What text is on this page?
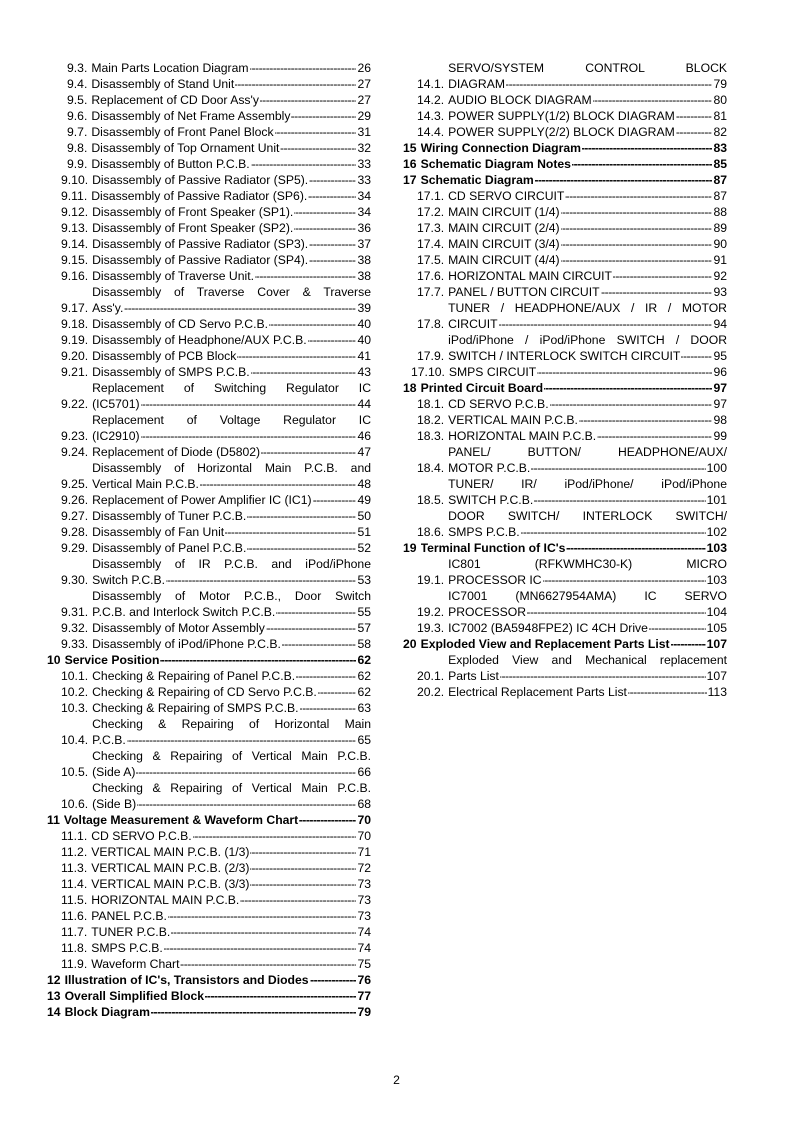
9.3. Main Parts Location Diagram -----	26
9.4. Disassembly of Stand Unit -----	27
9.5. Replacement of CD Door Ass'y -----	27
9.6. Disassembly of Net Frame Assembly -----	29
9.7. Disassembly of Front Panel Block -----	31
9.8. Disassembly of Top Ornament Unit -----	32
9.9. Disassembly of Button P.C.B. -----	33
9.10. Disassembly of Passive Radiator (SP5). -----	33
9.11. Disassembly of Passive Radiator (SP6). -----	34
9.12. Disassembly of Front Speaker (SP1). -----	34
9.13. Disassembly of Front Speaker (SP2). -----	36
9.14. Disassembly of Passive Radiator (SP3). -----	37
9.15. Disassembly of Passive Radiator (SP4). -----	38
9.16. Disassembly of Traverse Unit. -----	38
9.17.
Disassembly of Traverse Cover & Traverse
Ass'y. -----	39
9.18. Disassembly of CD Servo P.C.B. -----	40
9.19. Disassembly of Headphone/AUX P.C.B. -----	40
9.20. Disassembly of PCB Block -----	41
9.21. Disassembly of SMPS P.C.B. -----	43
9.22.
Replacement of Switching Regulator IC
(IC5701) -----	44
9.23.
Replacement of Voltage Regulator IC
(IC2910) -----	46
9.24. Replacement of Diode (D5802) -----	47
9.25.
Disassembly of Horizontal Main P.C.B. and
Vertical Main P.C.B. -----	48
9.26. Replacement of Power Amplifier IC (IC1) -----	49
9.27. Disassembly of Tuner P.C.B. -----	50
9.28. Disassembly of Fan Unit -----	51
9.29. Disassembly of Panel P.C.B. -----	52
9.30.
Disassembly of IR P.C.B. and iPod/iPhone
Switch P.C.B. -----	53
9.31.
Disassembly of Motor P.C.B., Door Switch
P.C.B. and Interlock Switch P.C.B. -----	55
9.32. Disassembly of Motor Assembly -----	57
9.33. Disassembly of iPod/iPhone P.C.B. -----	58
10 Service Position -----	62
10.1. Checking & Repairing of Panel P.C.B. -----	62
10.2. Checking & Repairing of CD Servo P.C.B. -----	62
10.3. Checking & Repairing of SMPS P.C.B. -----	63
10.4.
Checking & Repairing of Horizontal Main
P.C.B. -----	65
10.5.
Checking & Repairing of Vertical Main P.C.B.
(Side A) -----	66
10.6.
Checking & Repairing of Vertical Main P.C.B.
(Side B) -----	68
11 Voltage Measurement & Waveform Chart -----	70
11.1. CD SERVO P.C.B. -----	70
11.2. VERTICAL MAIN P.C.B. (1/3) -----	71
11.3. VERTICAL MAIN P.C.B. (2/3) -----	72
11.4. VERTICAL MAIN P.C.B. (3/3) -----	73
11.5. HORIZONTAL MAIN P.C.B. -----	73
11.6. PANEL P.C.B. -----	73
11.7. TUNER P.C.B. -----	74
11.8. SMPS P.C.B. -----	74
11.9. Waveform Chart -----	75
12 Illustration of IC's, Transistors and Diodes -----	76
13 Overall Simplified Block -----	77
14 Block Diagram -----	79
14.1.
SERVO/SYSTEM CONTROL BLOCK
DIAGRAM -----	79
14.2. AUDIO BLOCK DIAGRAM -----	80
14.3. POWER SUPPLY(1/2) BLOCK DIAGRAM -----	81
14.4. POWER SUPPLY(2/2) BLOCK DIAGRAM -----	82
15 Wiring Connection Diagram -----	83
16 Schematic Diagram Notes -----	85
17 Schematic Diagram -----	87
17.1. CD SERVO CIRCUIT -----	87
17.2. MAIN CIRCUIT (1/4) -----	88
17.3. MAIN CIRCUIT (2/4) -----	89
17.4. MAIN CIRCUIT (3/4) -----	90
17.5. MAIN CIRCUIT (4/4) -----	91
17.6. HORIZONTAL MAIN CIRCUIT -----	92
17.7. PANEL / BUTTON CIRCUIT -----	93
17.8.
TUNER / HEADPHONE/AUX / IR / MOTOR
CIRCUIT -----	94
17.9.
iPod/iPhone / iPod/iPhone SWITCH / DOOR
SWITCH / INTERLOCK SWITCH CIRCUIT -----	95
17.10. SMPS CIRCUIT -----	96
18 Printed Circuit Board -----	97
18.1. CD SERVO P.C.B. -----	97
18.2. VERTICAL MAIN P.C.B. -----	98
18.3. HORIZONTAL MAIN P.C.B. -----	99
18.4.
PANEL/ BUTTON/ HEADPHONE/AUX/
MOTOR P.C.B. -----	100
18.5.
TUNER/ IR/ iPod/iPhone/ iPod/iPhone
SWITCH P.C.B. -----	101
18.6.
DOOR SWITCH/ INTERLOCK SWITCH/
SMPS P.C.B. -----	102
19 Terminal Function of IC's -----	103
19.1.
IC801 (RFKWMHC30-K) MICRO
PROCESSOR IC -----	103
19.2.
IC7001 (MN6627954AMA) IC SERVO
PROCESSOR -----	104
19.3. IC7002 (BA5948FPE2) IC 4CH Drive -----	105
20 Exploded View and Replacement Parts List -----	107
20.1.
Exploded View and Mechanical replacement
Parts List -----	107
20.2. Electrical Replacement Parts List -----	113
2
